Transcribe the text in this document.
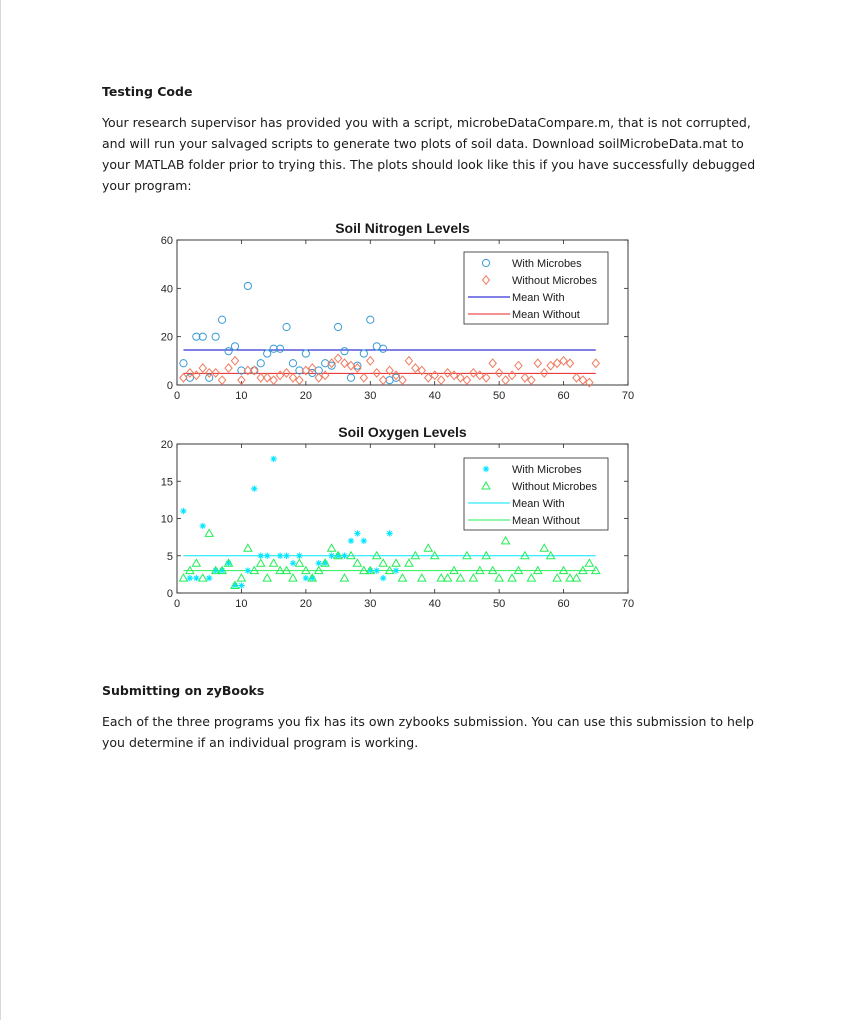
Testing Code

Your research supervisor has provided you with a script, microbeDataCompare.m, that is not corrupted, and will run your salvaged scripts to generate two plots of soil data. Download soilMicrobeData.mat to your MATLAB folder prior to trying this. The plots should look like this if you have successfully debugged your program:

0	10	20	30	40	50	60	70
0
20
40
60
Soil Nitrogen Levels
With Microbes
Without Microbes
Mean With
Mean Without
0	10	20	30	40	50	60	70
0
5
10
15
20
Soil Oxygen Levels
With Microbes
Without Microbes
Mean With
Mean Without

Submitting on zyBooks

Each of the three programs you fix has its own zybooks submission. You can use this submission to help you determine if an individual program is working.
